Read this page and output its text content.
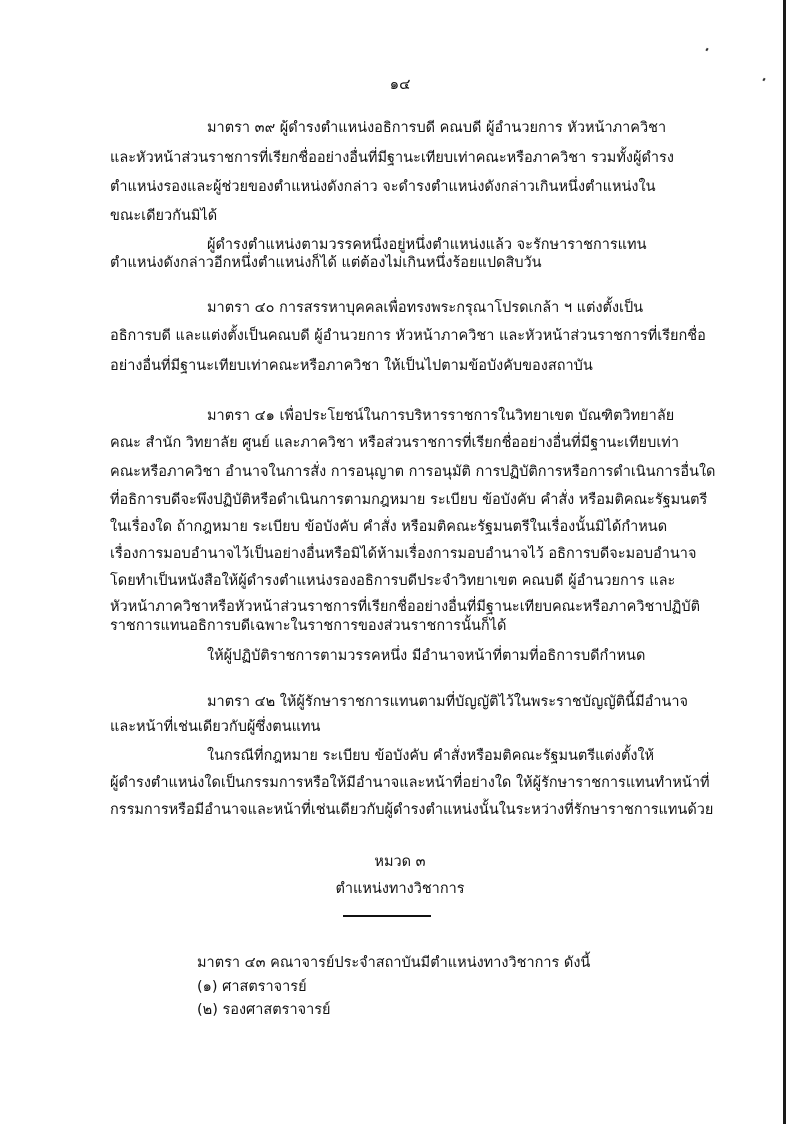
๑๔
มาตรา ๓๙ ผู้ดำรงตำแหน่งอธิการบดี คณบดี ผู้อำนวยการ หัวหน้าภาควิชา
และหัวหน้าส่วนราชการที่เรียกชื่ออย่างอื่นที่มีฐานะเทียบเท่าคณะหรือภาควิชา รวมทั้งผู้ดำรง
ตำแหน่งรองและผู้ช่วยของตำแหน่งดังกล่าว จะดำรงตำแหน่งดังกล่าวเกินหนึ่งตำแหน่งใน
ขณะเดียวกันมิได้
ผู้ดำรงตำแหน่งตามวรรคหนึ่งอยู่หนึ่งตำแหน่งแล้ว จะรักษาราชการแทน
ตำแหน่งดังกล่าวอีกหนึ่งตำแหน่งก็ได้ แต่ต้องไม่เกินหนึ่งร้อยแปดสิบวัน
มาตรา ๔๐ การสรรหาบุคคลเพื่อทรงพระกรุณาโปรดเกล้า ฯ แต่งตั้งเป็น
อธิการบดี และแต่งตั้งเป็นคณบดี ผู้อำนวยการ หัวหน้าภาควิชา และหัวหน้าส่วนราชการที่เรียกชื่อ
อย่างอื่นที่มีฐานะเทียบเท่าคณะหรือภาควิชา ให้เป็นไปตามข้อบังคับของสถาบัน
มาตรา ๔๑ เพื่อประโยชน์ในการบริหารราชการในวิทยาเขต บัณฑิตวิทยาลัย
คณะ สำนัก วิทยาลัย ศูนย์ และภาควิชา หรือส่วนราชการที่เรียกชื่ออย่างอื่นที่มีฐานะเทียบเท่า
คณะหรือภาควิชา อำนาจในการสั่ง การอนุญาต การอนุมัติ การปฏิบัติการหรือการดำเนินการอื่นใด
ที่อธิการบดีจะพึงปฏิบัติหรือดำเนินการตามกฎหมาย ระเบียบ ข้อบังคับ คำสั่ง หรือมติคณะรัฐมนตรี
ในเรื่องใด ถ้ากฎหมาย ระเบียบ ข้อบังคับ คำสั่ง หรือมติคณะรัฐมนตรีในเรื่องนั้นมิได้กำหนด
เรื่องการมอบอำนาจไว้เป็นอย่างอื่นหรือมิได้ห้ามเรื่องการมอบอำนาจไว้ อธิการบดีจะมอบอำนาจ
โดยทำเป็นหนังสือให้ผู้ดำรงตำแหน่งรองอธิการบดีประจำวิทยาเขต คณบดี ผู้อำนวยการ และ
หัวหน้าภาควิชาหรือหัวหน้าส่วนราชการที่เรียกชื่ออย่างอื่นที่มีฐานะเทียบคณะหรือภาควิชาปฏิบัติ
ราชการแทนอธิการบดีเฉพาะในราชการของส่วนราชการนั้นก็ได้
ให้ผู้ปฏิบัติราชการตามวรรคหนึ่ง มีอำนาจหน้าที่ตามที่อธิการบดีกำหนด
มาตรา ๔๒ ให้ผู้รักษาราชการแทนตามที่บัญญัติไว้ในพระราชบัญญัตินี้มีอำนาจ
และหน้าที่เช่นเดียวกับผู้ซึ่งตนแทน
ในกรณีที่กฎหมาย ระเบียบ ข้อบังคับ คำสั่งหรือมติคณะรัฐมนตรีแต่งตั้งให้
ผู้ดำรงตำแหน่งใดเป็นกรรมการหรือให้มีอำนาจและหน้าที่อย่างใด ให้ผู้รักษาราชการแทนทำหน้าที่
กรรมการหรือมีอำนาจและหน้าที่เช่นเดียวกับผู้ดำรงตำแหน่งนั้นในระหว่างที่รักษาราชการแทนด้วย
หมวด ๓
ตำแหน่งทางวิชาการ
มาตรา ๔๓ คณาจารย์ประจำสถาบันมีตำแหน่งทางวิชาการ ดังนี้
(๑) ศาสตราจารย์
(๒) รองศาสตราจารย์
